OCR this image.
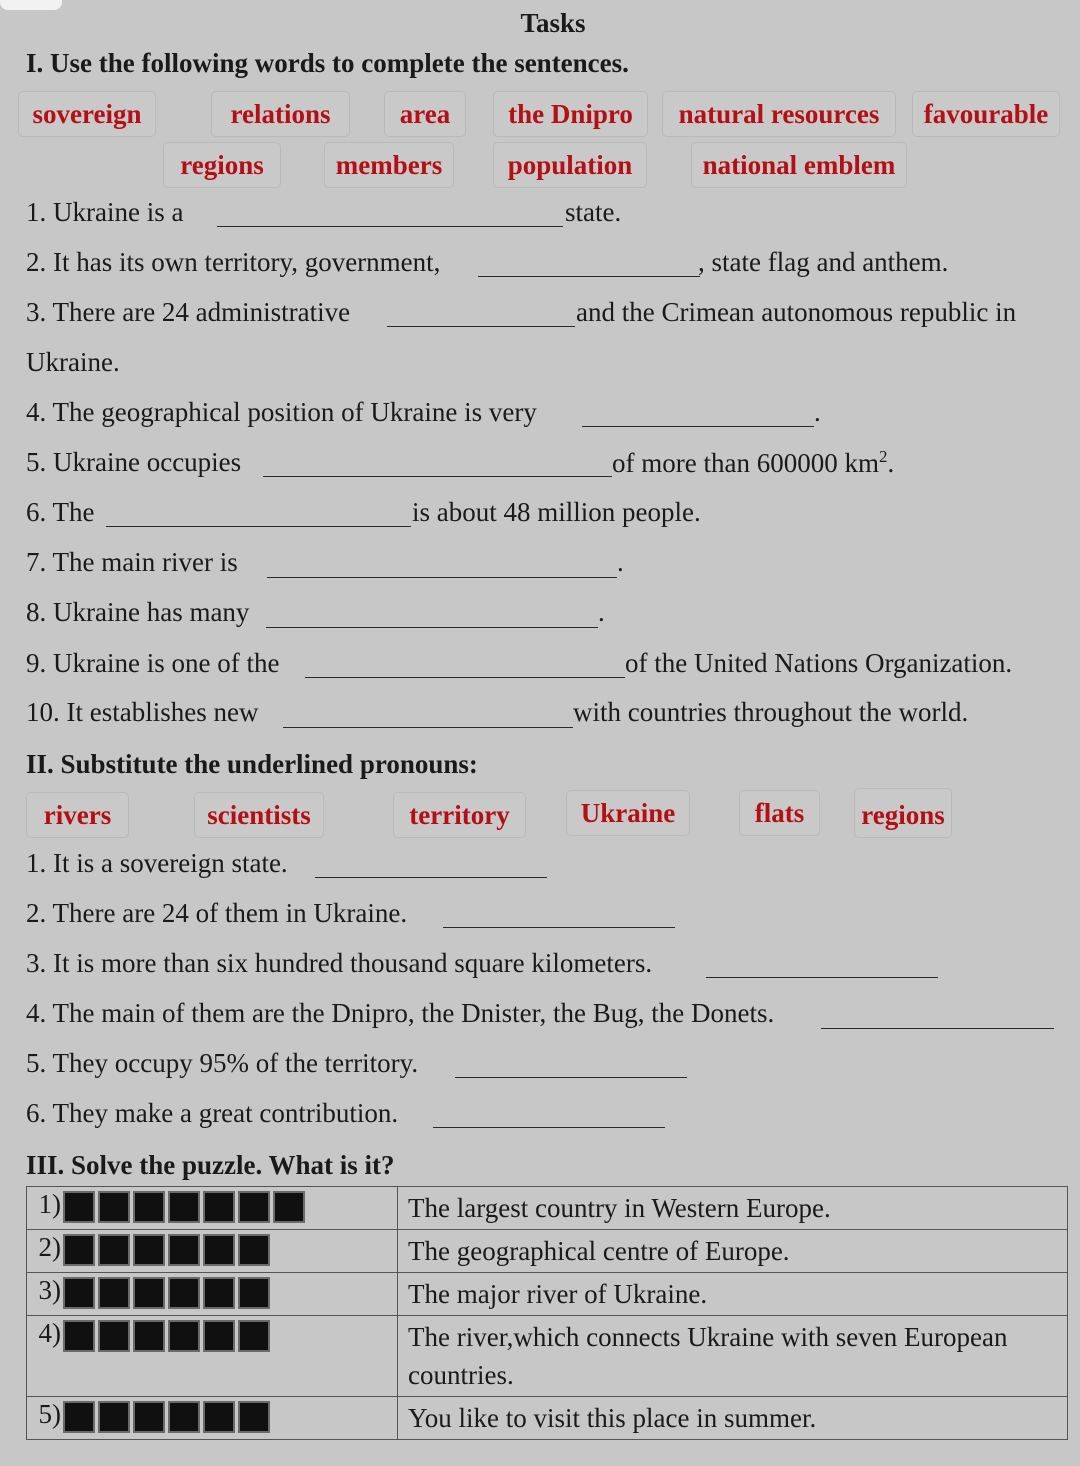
Tasks
I. Use the following words to complete the sentences.
sovereign	relations	area	the Dnipro	natural resources	favourable
regions	members	population	national emblem
1. Ukraine is a	state.
2. It has its own territory, government,	, state flag and anthem.
3. There are 24 administrative	and the Crimean autonomous republic in
Ukraine.
4. The geographical position of Ukraine is very	.
5. Ukraine occupies	of more than 600000 $km^2$.
6. The	is about 48 million people.
7. The main river is	.
8. Ukraine has many	.
9. Ukraine is one of the	of the United Nations Organization.
10. It establishes new	with countries throughout the world.
II. Substitute the underlined pronouns:
rivers	scientists	territory	Ukraine	flats	regions
1. It is a sovereign state.
2. There are 24 of them in Ukraine.
3. It is more than six hundred thousand square kilometers.
4. The main of them are the Dnipro, the Dnister, the Bug, the Donets.
5. They occupy 95% of the territory.
6. They make a great contribution.
III. Solve the puzzle. What is it?
1)	The largest country in Western Europe.
2)	The geographical centre of Europe.
3)	The major river of Ukraine.
4)	The river,which connects Ukraine with seven European countries.
5)	You like to visit this place in summer.
